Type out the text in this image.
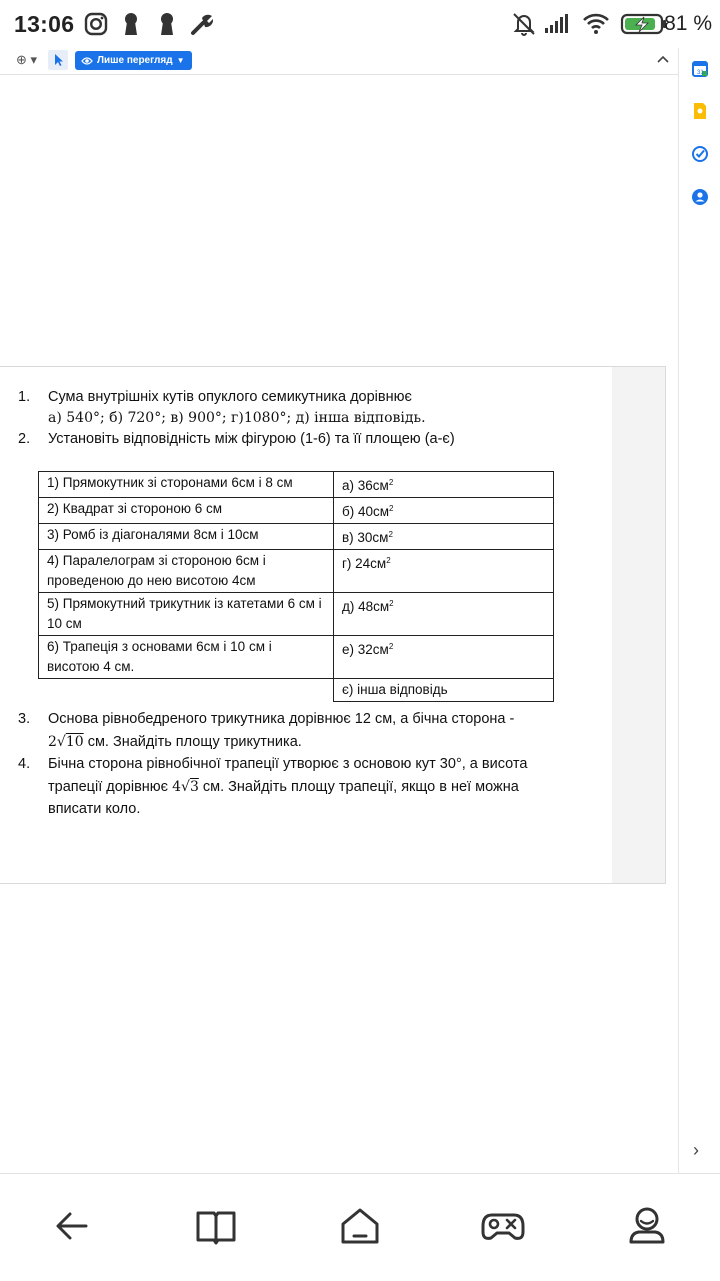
13:06	81 %
⊕ ▾	Лише перегляд ▼
31
›
1. Сума внутрішніх кутів опуклого семикутника дорівнює
а) 540°; б) 720°; в) 900°; г)1080°; д) інша відповідь.
2. Установіть відповідність між фігурою (1-6) та її площею (а-є)
1) Прямокутник зі сторонами 6см і 8 см	а) $36см^2$
2) Квадрат зі стороною 6 см	б) $40см^2$
3) Ромб із діагоналями 8см і 10см	в) $30см^2$
4) Паралелограм зі стороною 6см і проведеною до нею висотою 4см	г) $24см^2$
5) Прямокутний трикутник із катетами 6 см і 10 см	д) $48см^2$
6) Трапеція з основами 6см і 10 см і висотою 4 см.	е) $32см^2$
	є) інша відповідь
3. Основа рівнобедреного трикутника дорівнює 12 см, а бічна сторона -
2√10 см. Знайдіть площу трикутника.
4. Бічна сторона рівнобічної трапеції утворює з основою кут 30°, а висота
трапеції дорівнює 4√3 см. Знайдіть площу трапеції, якщо в неї можна
вписати коло.
